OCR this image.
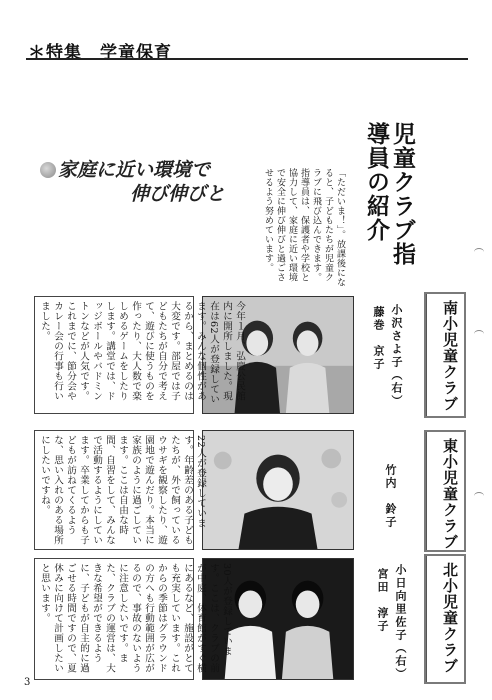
＊特集　学童保育
児童クラブ指導員の紹介
「ただいま！」。放課後になると、子どもたちが児童クラブに飛び込んできます。指導員は、保護者や学校と協力して、家庭に近い環境で安全に伸び伸びと過ごさせるよう努めています。
家庭に近い環境で
伸び伸びと
南小児童クラブ
小沢さよ子（右）
藤巻　京子
今年１月、弘慶公民館内に開所しました。現在は62人が登録しています。みんな個性があるから、まとめるのは大変です。部屋では子どもたちが自分で考えて、遊びに使うものを作ったり、大人数で楽しめるゲームをしたりします。講堂では、ドッジボールやバドミントンなどが人気です。これまでに、節分会やカレー会の行事も行いました。
東小児童クラブ
竹内　鈴子
22人が登録しています。年齢差のある子どもたちが、外で飼っているウサギを観察したり、遊園地で遊んだり。本当に家族のように過ごしています。ここは自由な時間、自習をして、みんなで活動するようにしています。卒業してからも子どもが訪ねてくるような、思い入れのある場所にしたいですね。
北小児童クラブ
小日向里佐子（右）
宮田　淳子
30人が登録しています。ここは、クラブの前が中庭、体育館がすぐ横にあるなど、施設がとても充実しています。これからの季節はグラウンドの方へも行動範囲が広がるので、事故のないように注意したいです。また、クラブの運営は、大きな希望ができるように、子どもが自主的に過ごせる時間ですので、夏休みに向けて計画したいと思います。
3
